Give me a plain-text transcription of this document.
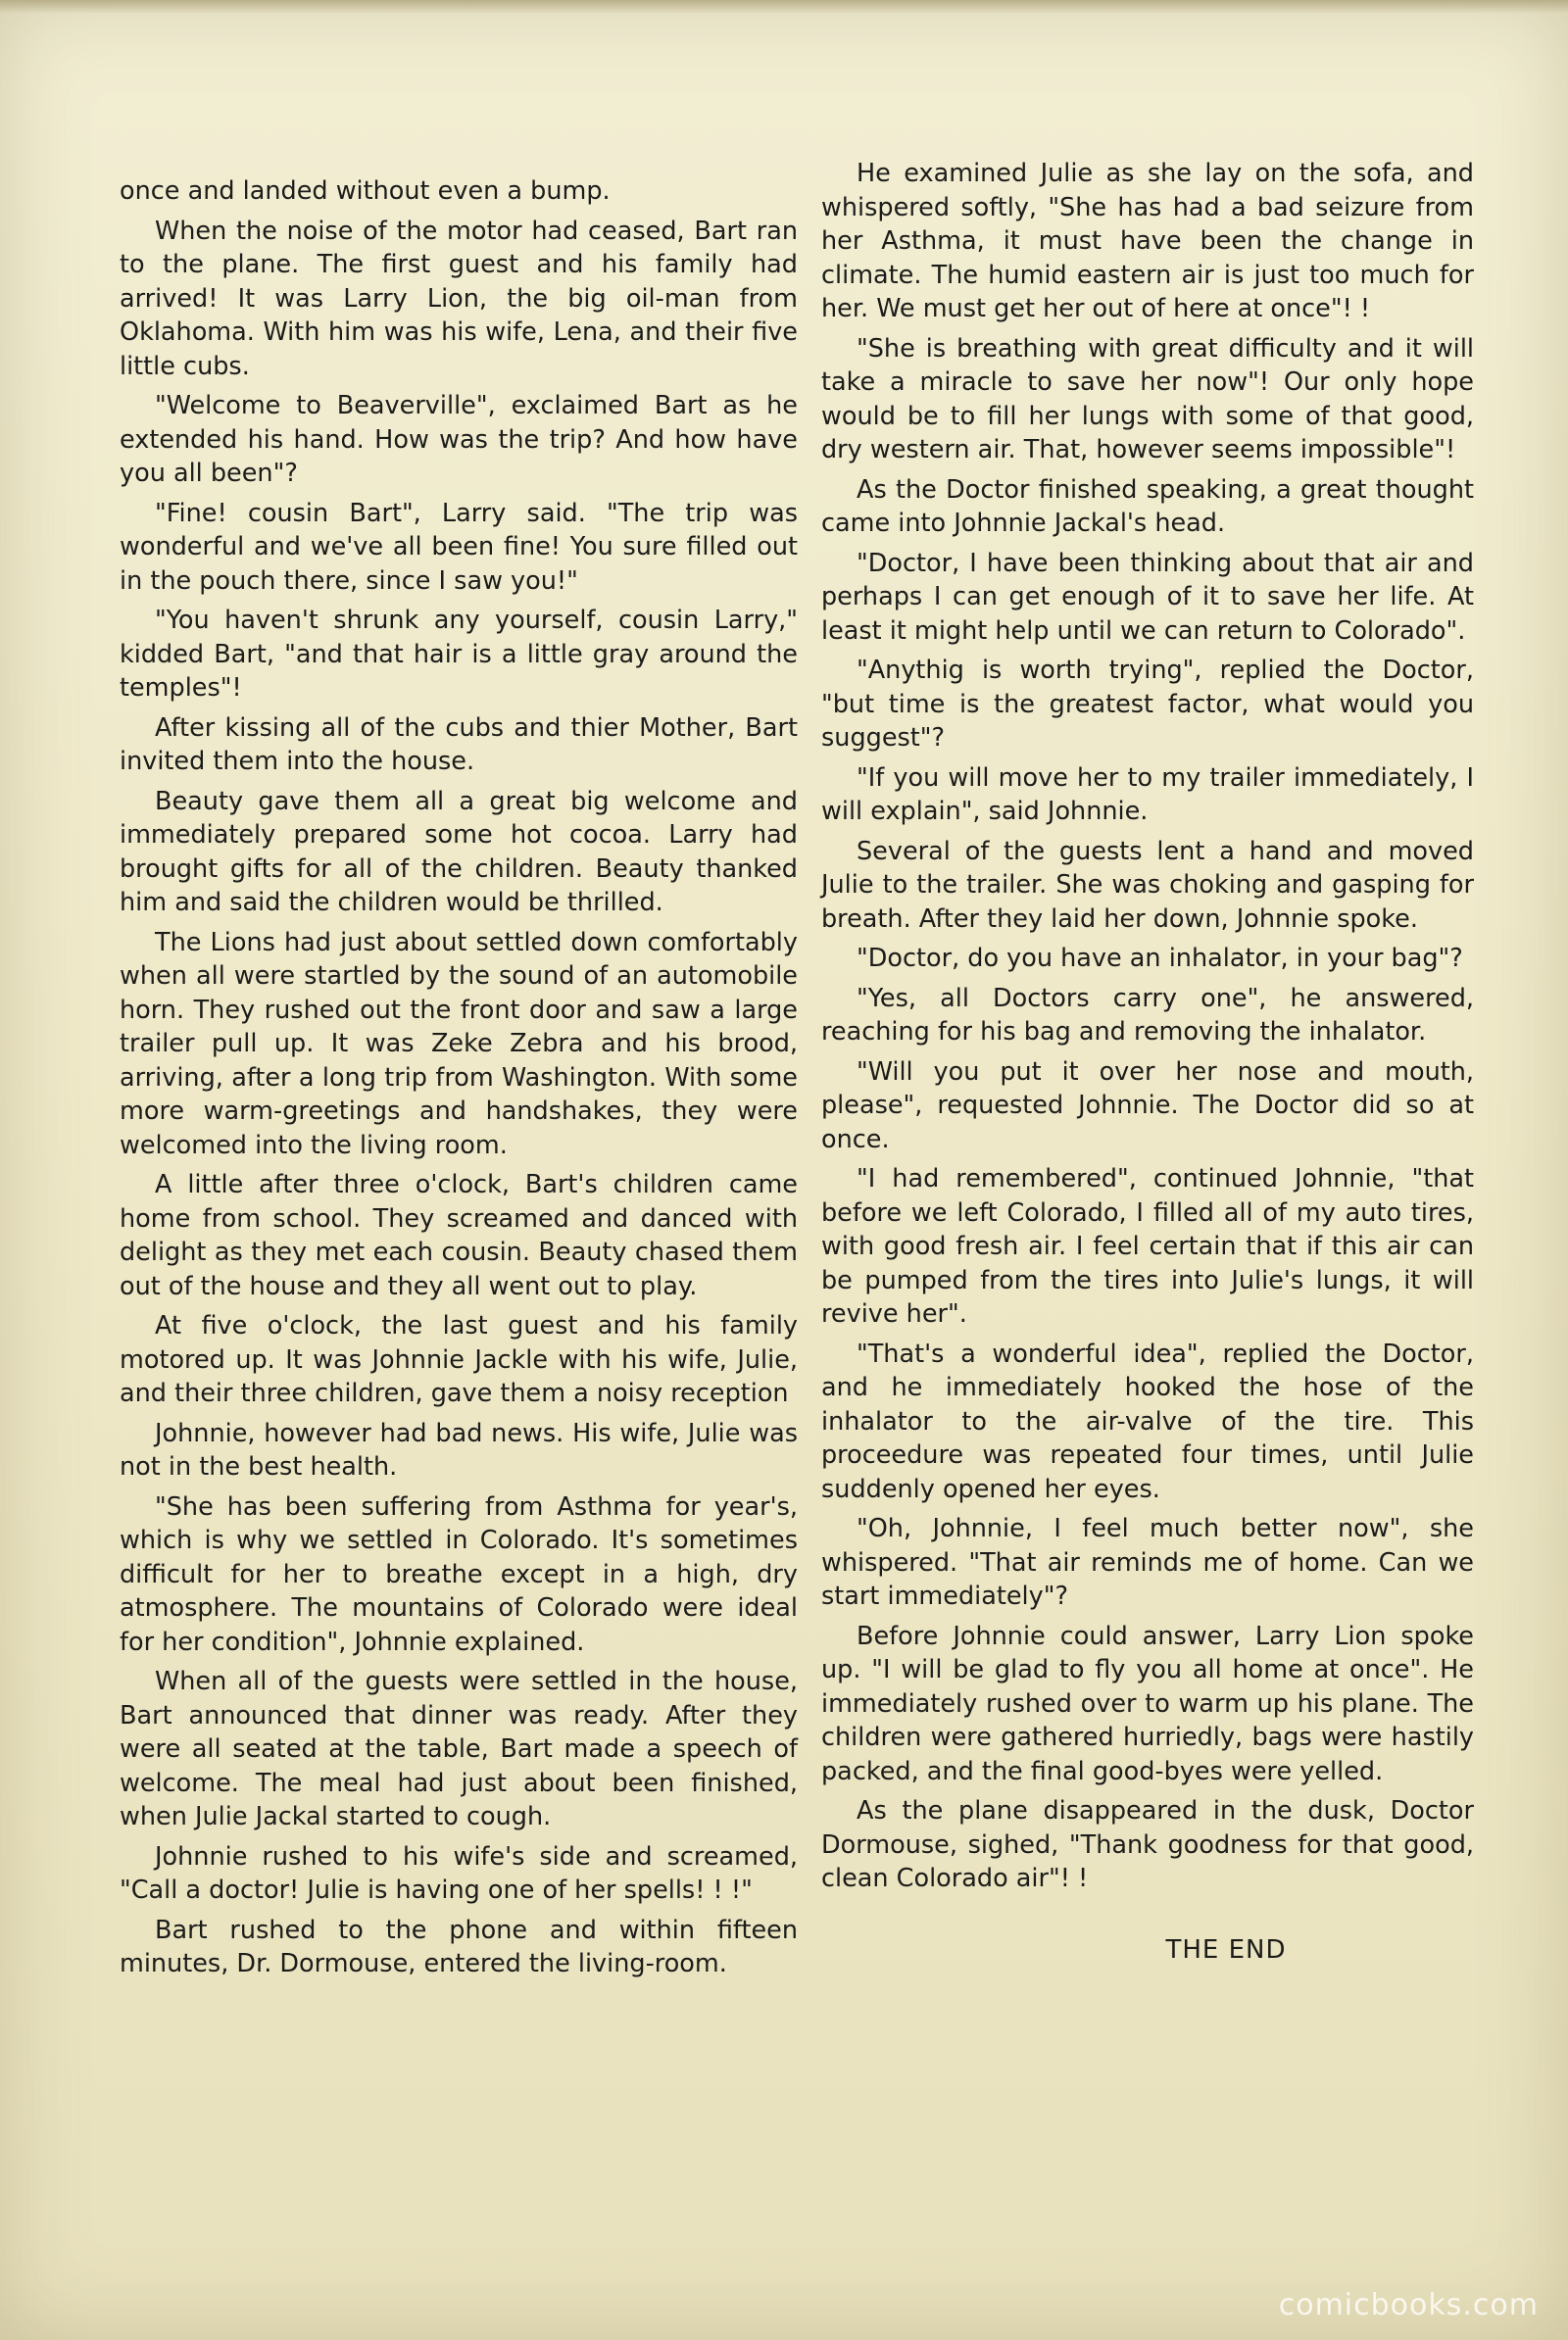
once and landed without even a bump.

When the noise of the motor had ceased, Bart ran to the plane. The first guest and his family had arrived! It was Larry Lion, the big oil-man from Oklahoma. With him was his wife, Lena, and their five little cubs.

"Welcome to Beaverville", exclaimed Bart as he extended his hand. How was the trip? And how have you all been"?

"Fine! cousin Bart", Larry said. "The trip was wonderful and we've all been fine! You sure filled out in the pouch there, since I saw you!"

"You haven't shrunk any yourself, cousin Larry," kidded Bart, "and that hair is a little gray around the temples"!

After kissing all of the cubs and thier Mother, Bart invited them into the house.

Beauty gave them all a great big welcome and immediately prepared some hot cocoa. Larry had brought gifts for all of the children. Beauty thanked him and said the children would be thrilled.

The Lions had just about settled down comfortably when all were startled by the sound of an automobile horn. They rushed out the front door and saw a large trailer pull up. It was Zeke Zebra and his brood, arriving, after a long trip from Washington. With some more warm-greetings and handshakes, they were welcomed into the living room.

A little after three o'clock, Bart's children came home from school. They screamed and danced with delight as they met each cousin. Beauty chased them out of the house and they all went out to play.

At five o'clock, the last guest and his family motored up. It was Johnnie Jackle with his wife, Julie, and their three children, gave them a noisy reception

Johnnie, however had bad news. His wife, Julie was not in the best health.

"She has been suffering from Asthma for year's, which is why we settled in Colorado. It's sometimes difficult for her to breathe except in a high, dry atmosphere. The mountains of Colorado were ideal for her condition", Johnnie explained.

When all of the guests were settled in the house, Bart announced that dinner was ready. After they were all seated at the table, Bart made a speech of welcome. The meal had just about been finished, when Julie Jackal started to cough.

Johnnie rushed to his wife's side and screamed, "Call a doctor! Julie is having one of her spells! ! !"

Bart rushed to the phone and within fifteen minutes, Dr. Dormouse, entered the living-room.

He examined Julie as she lay on the sofa, and whispered softly, "She has had a bad seizure from her Asthma, it must have been the change in climate. The humid eastern air is just too much for her. We must get her out of here at once"! !

"She is breathing with great difficulty and it will take a miracle to save her now"! Our only hope would be to fill her lungs with some of that good, dry western air. That, however seems impossible"!

As the Doctor finished speaking, a great thought came into Johnnie Jackal's head.

"Doctor, I have been thinking about that air and perhaps I can get enough of it to save her life. At least it might help until we can return to Colorado".

"Anythig is worth trying", replied the Doctor, "but time is the greatest factor, what would you suggest"?

"If you will move her to my trailer immediately, I will explain", said Johnnie.

Several of the guests lent a hand and moved Julie to the trailer. She was choking and gasping for breath. After they laid her down, Johnnie spoke.

"Doctor, do you have an inhalator, in your bag"?

"Yes, all Doctors carry one", he answered, reaching for his bag and removing the inhalator.

"Will you put it over her nose and mouth, please", requested Johnnie. The Doctor did so at once.

"I had remembered", continued Johnnie, "that before we left Colorado, I filled all of my auto tires, with good fresh air. I feel certain that if this air can be pumped from the tires into Julie's lungs, it will revive her".

"That's a wonderful idea", replied the Doctor, and he immediately hooked the hose of the inhalator to the air-valve of the tire. This proceedure was repeated four times, until Julie suddenly opened her eyes.

"Oh, Johnnie, I feel much better now", she whispered. "That air reminds me of home. Can we start immediately"?

Before Johnnie could answer, Larry Lion spoke up. "I will be glad to fly you all home at once". He immediately rushed over to warm up his plane. The children were gathered hurriedly, bags were hastily packed, and the final good-byes were yelled.

As the plane disappeared in the dusk, Doctor Dormouse, sighed, "Thank goodness for that good, clean Colorado air"! !

THE END
comicbooks.com
